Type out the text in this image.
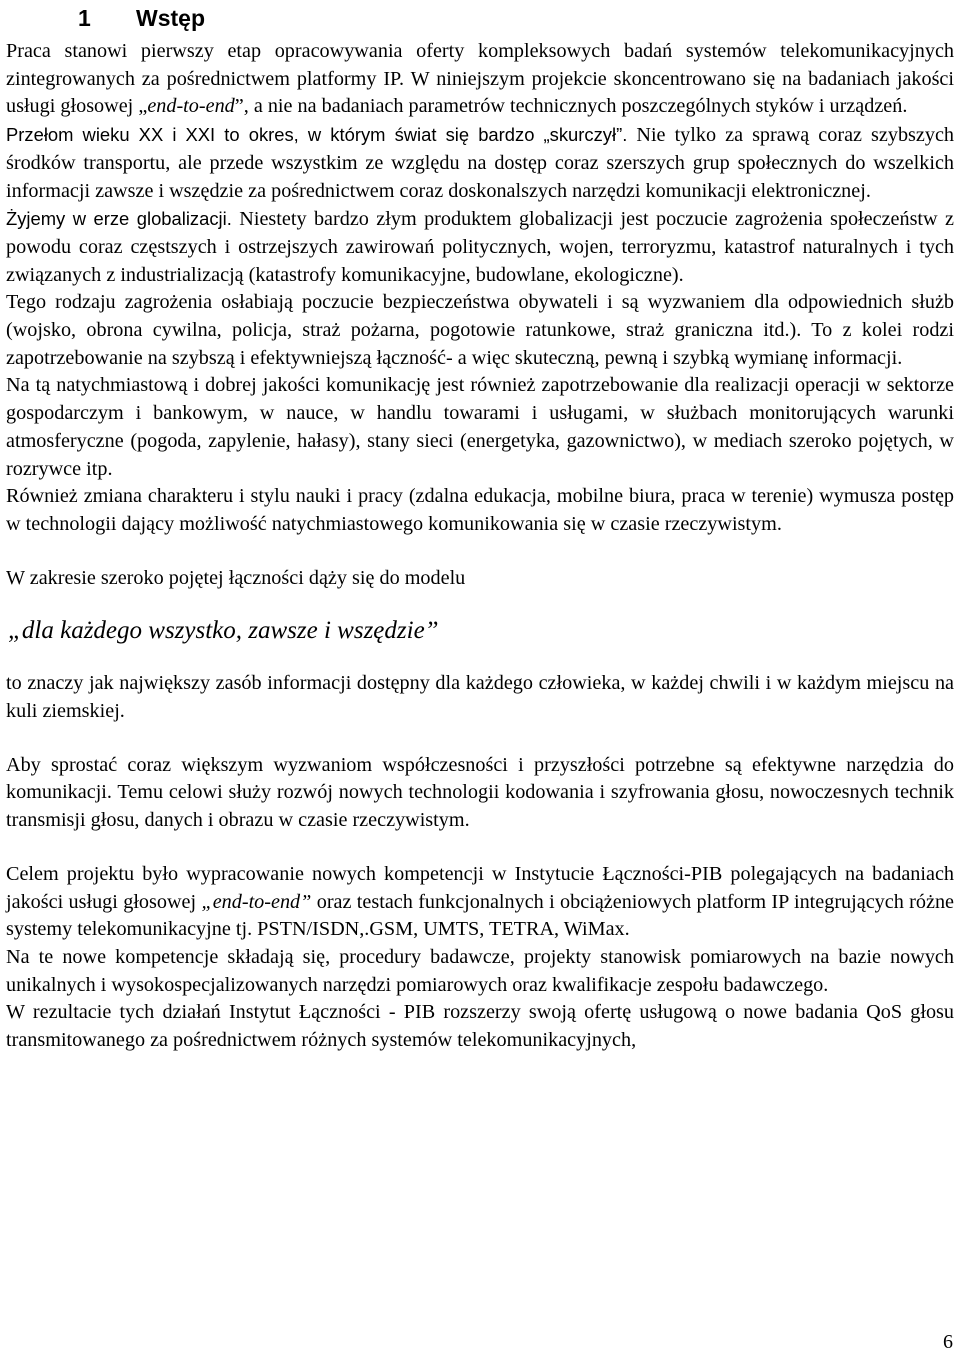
1	Wstęp

Praca stanowi pierwszy etap opracowywania oferty kompleksowych badań systemów telekomunikacyjnych zintegrowanych za pośrednictwem platformy IP. W niniejszym projekcie skoncentrowano się na badaniach jakości usługi głosowej „end-to-end”, a nie na badaniach parametrów technicznych poszczególnych styków i urządzeń.

Przełom wieku XX i XXI to okres, w którym świat się bardzo „skurczył”. Nie tylko za sprawą coraz szybszych środków transportu, ale przede wszystkim ze względu na dostęp coraz szerszych grup społecznych do wszelkich informacji zawsze i wszędzie za pośrednictwem coraz doskonalszych narzędzi komunikacji elektronicznej.

Żyjemy w erze globalizacji. Niestety bardzo złym produktem globalizacji jest poczucie zagrożenia społeczeństw z powodu coraz częstszych i ostrzejszych zawirowań politycznych, wojen, terroryzmu, katastrof naturalnych i tych związanych z industrializacją (katastrofy komunikacyjne, budowlane, ekologiczne).

Tego rodzaju zagrożenia osłabiają poczucie bezpieczeństwa obywateli i są wyzwaniem dla odpowiednich służb (wojsko, obrona cywilna, policja, straż pożarna, pogotowie ratunkowe, straż graniczna itd.). To z kolei rodzi zapotrzebowanie na szybszą i efektywniejszą łączność- a więc skuteczną, pewną i szybką wymianę informacji.

Na tą natychmiastową i dobrej jakości komunikację jest również zapotrzebowanie dla realizacji operacji w sektorze gospodarczym i bankowym, w nauce, w handlu towarami i usługami, w służbach monitorujących warunki atmosferyczne (pogoda, zapylenie, hałasy), stany sieci (energetyka, gazownictwo), w mediach szeroko pojętych, w rozrywce itp.

Również zmiana charakteru i stylu nauki i pracy (zdalna edukacja, mobilne biura, praca w terenie) wymusza postęp w technologii dający możliwość natychmiastowego komunikowania się w czasie rzeczywistym.

W zakresie szeroko pojętej łączności dąży się do modelu

„dla każdego wszystko, zawsze i wszędzie”

to znaczy jak największy zasób informacji dostępny dla każdego człowieka, w każdej chwili i w każdym miejscu na kuli ziemskiej.

Aby sprostać coraz większym wyzwaniom współczesności i przyszłości potrzebne są efektywne narzędzia do komunikacji. Temu celowi służy rozwój nowych technologii kodowania i szyfrowania głosu, nowoczesnych technik transmisji głosu, danych i obrazu w czasie rzeczywistym.

Celem projektu było wypracowanie nowych kompetencji w Instytucie Łączności-PIB polegających na badaniach jakości usługi głosowej „end-to-end” oraz testach funkcjonalnych i obciążeniowych platform IP integrujących różne systemy telekomunikacyjne tj. PSTN/ISDN,.GSM, UMTS, TETRA, WiMax.

Na te nowe kompetencje składają się, procedury badawcze, projekty stanowisk pomiarowych na bazie nowych unikalnych i wysokospecjalizowanych narzędzi pomiarowych oraz kwalifikacje zespołu badawczego.

W rezultacie tych działań Instytut Łączności - PIB rozszerzy swoją ofertę usługową o nowe badania QoS głosu transmitowanego za pośrednictwem różnych systemów telekomunikacyjnych,

6
